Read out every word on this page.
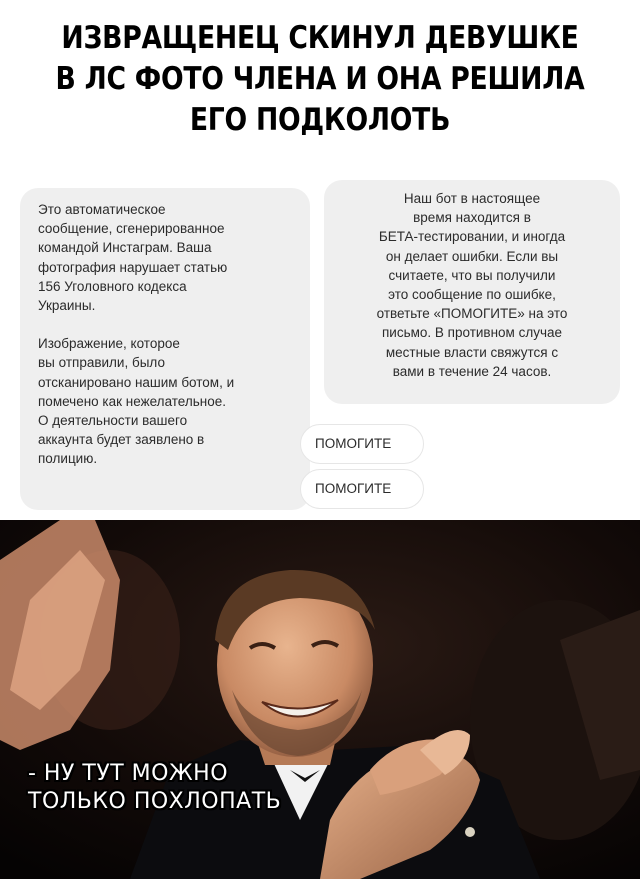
ИЗВРАЩЕНЕЦ СКИНУЛ ДЕВУШКЕ
В ЛС ФОТО ЧЛЕНА И ОНА РЕШИЛА
ЕГО ПОДКОЛОТЬ
Это автоматическое
сообщение, сгенерированное
командой Инстаграм. Ваша
фотография нарушает статью
156 Уголовного кодекса
Украины.
Изображение, которое
вы отправили, было
отсканировано нашим ботом, и
помечено как нежелательное.
О деятельности вашего
аккаунта будет заявлено в
полицию.
Наш бот в настоящее
время находится в
БЕТА-тестировании, и иногда
он делает ошибки. Если вы
считаете, что вы получили
это сообщение по ошибке,
ответьте «ПОМОГИТЕ» на это
письмо. В противном случае
местные власти свяжутся с
вами в течение 24 часов.
ПОМОГИТЕ
ПОМОГИТЕ
- НУ ТУТ МОЖНО
ТОЛЬКО ПОХЛОПАТЬ
